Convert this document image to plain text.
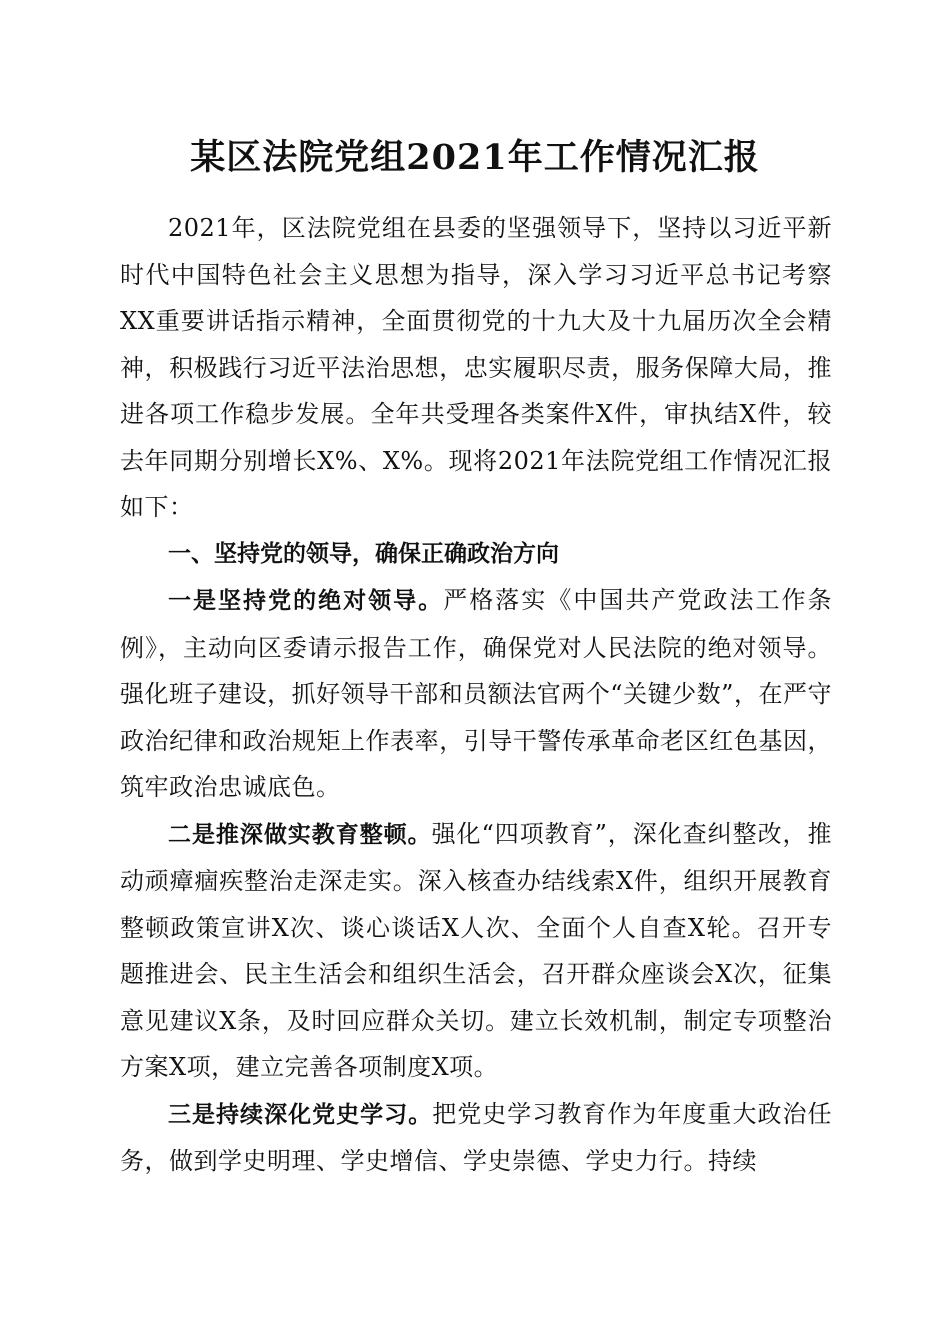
某区法院党组2021年工作情况汇报

2021年，区法院党组在县委的坚强领导下，坚持以习近平新时代中国特色社会主义思想为指导，深入学习习近平总书记考察XX重要讲话指示精神，全面贯彻党的十九大及十九届历次全会精神，积极践行习近平法治思想，忠实履职尽责，服务保障大局，推进各项工作稳步发展。全年共受理各类案件X件，审执结X件，较去年同期分别增长X%、X%。现将2021年法院党组工作情况汇报如下：

一、坚持党的领导，确保正确政治方向

一是坚持党的绝对领导。严格落实《中国共产党政法工作条例》，主动向区委请示报告工作，确保党对人民法院的绝对领导。强化班子建设，抓好领导干部和员额法官两个“关键少数”，在严守政治纪律和政治规矩上作表率，引导干警传承革命老区红色基因，筑牢政治忠诚底色。

二是推深做实教育整顿。强化“四项教育”，深化查纠整改，推动顽瘴痼疾整治走深走实。深入核查办结线索X件，组织开展教育整顿政策宣讲X次、谈心谈话X人次、全面个人自查X轮。召开专题推进会、民主生活会和组织生活会，召开群众座谈会X次，征集意见建议X条，及时回应群众关切。建立长效机制，制定专项整治方案X项，建立完善各项制度X项。

三是持续深化党史学习。把党史学习教育作为年度重大政治任务，做到学史明理、学史增信、学史崇德、学史力行。持续
